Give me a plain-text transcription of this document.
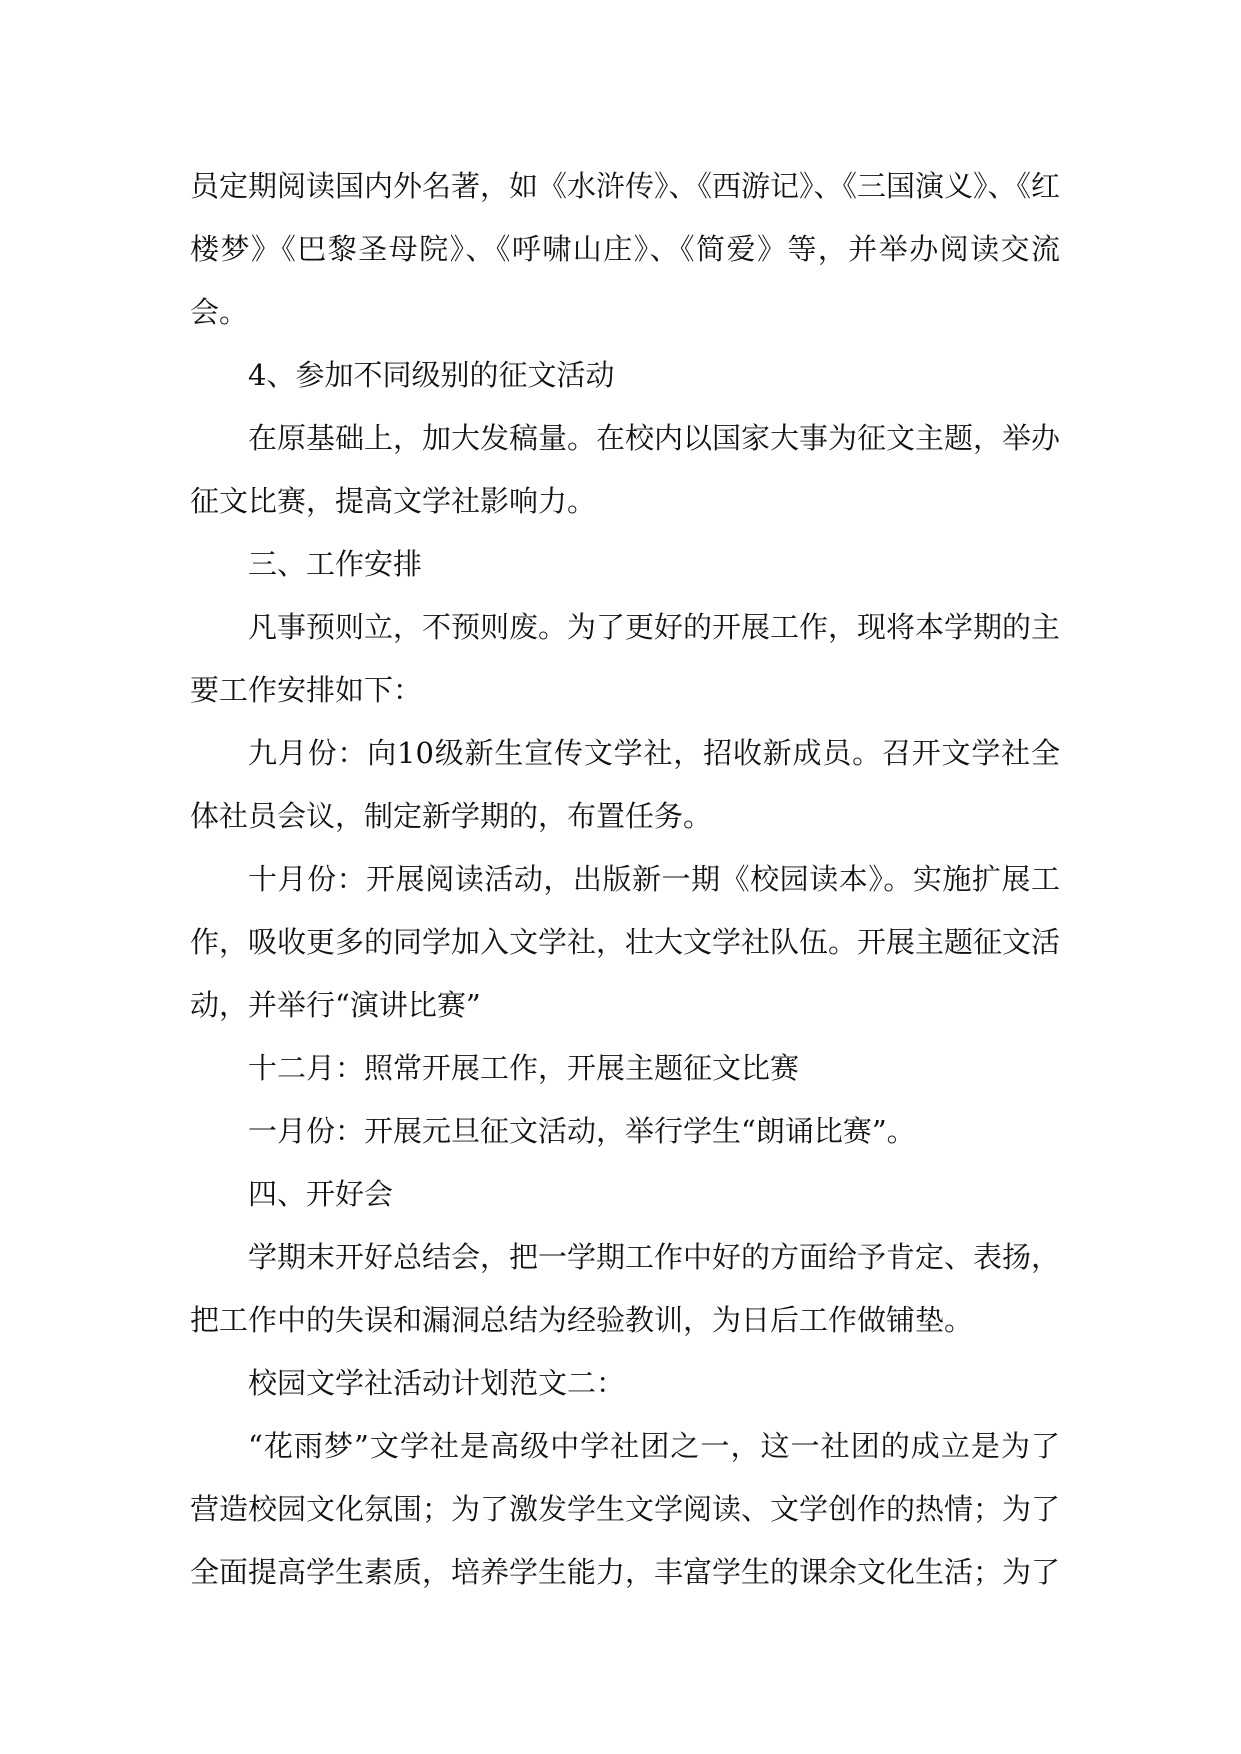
员定期阅读国内外名著，如《水浒传》、《西游记》、《三国演义》、《红楼梦》《巴黎圣母院》、《呼啸山庄》、《简爱》等，并举办阅读交流会。

4、参加不同级别的征文活动

在原基础上，加大发稿量。在校内以国家大事为征文主题，举办征文比赛，提高文学社影响力。

三、工作安排

凡事预则立，不预则废。为了更好的开展工作，现将本学期的主要工作安排如下：

九月份：向10级新生宣传文学社，招收新成员。召开文学社全体社员会议，制定新学期的，布置任务。

十月份：开展阅读活动，出版新一期《校园读本》。实施扩展工作，吸收更多的同学加入文学社，壮大文学社队伍。开展主题征文活动，并举行“演讲比赛”

十二月：照常开展工作，开展主题征文比赛

一月份：开展元旦征文活动，举行学生“朗诵比赛”。

四、开好会

学期末开好总结会，把一学期工作中好的方面给予肯定、表扬，把工作中的失误和漏洞总结为经验教训，为日后工作做铺垫。

校园文学社活动计划范文二：

“花雨梦”文学社是高级中学社团之一，这一社团的成立是为了营造校园文化氛围；为了激发学生文学阅读、文学创作的热情；为了全面提高学生素质，培养学生能力，丰富学生的课余文化生活；为了
